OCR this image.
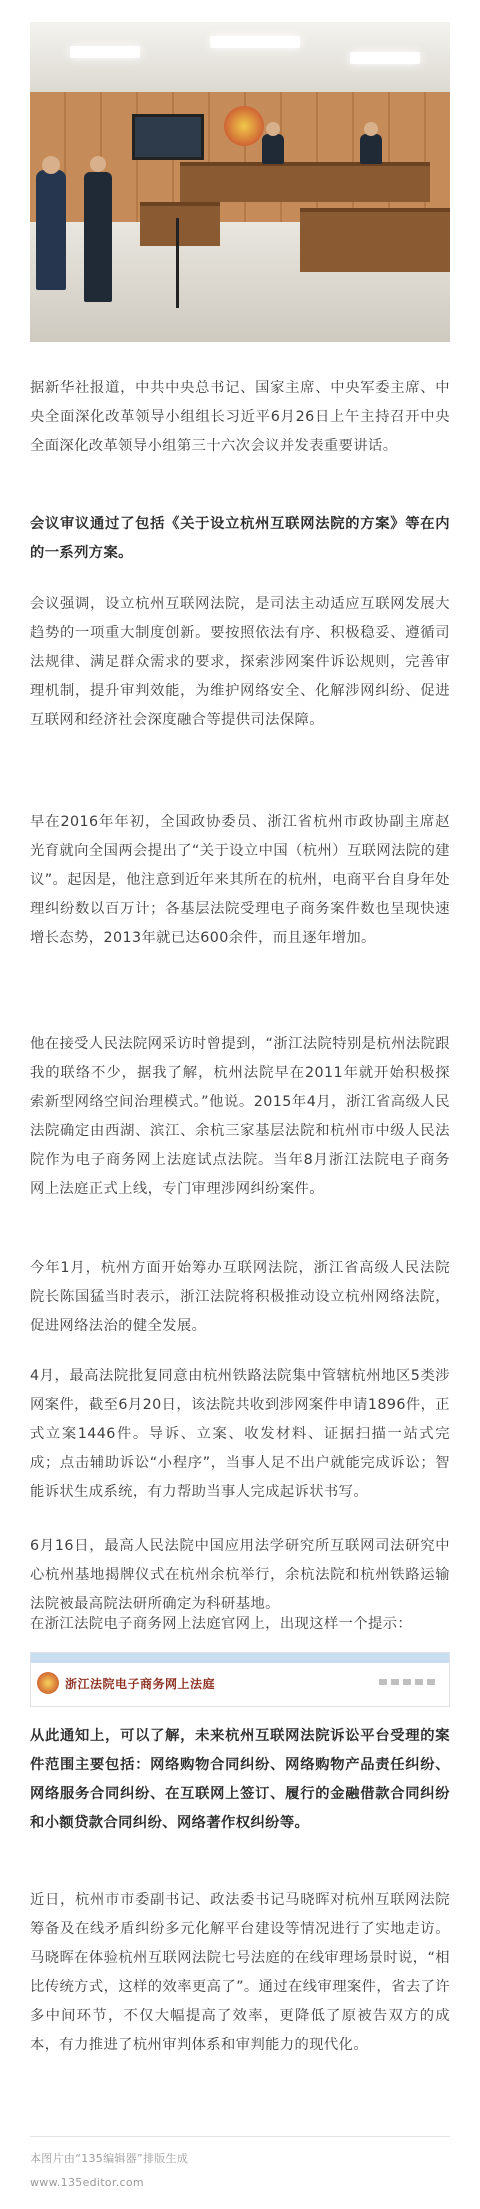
据新华社报道，中共中央总书记、国家主席、中央军委主席、中央全面深化改革领导小组组长习近平6月26日上午主持召开中央全面深化改革领导小组第三十六次会议并发表重要讲话。

会议审议通过了包括《关于设立杭州互联网法院的方案》等在内的一系列方案。

会议强调，设立杭州互联网法院，是司法主动适应互联网发展大趋势的一项重大制度创新。要按照依法有序、积极稳妥、遵循司法规律、满足群众需求的要求，探索涉网案件诉讼规则，完善审理机制，提升审判效能，为维护网络安全、化解涉网纠纷、促进互联网和经济社会深度融合等提供司法保障。

早在2016年年初，全国政协委员、浙江省杭州市政协副主席赵光育就向全国两会提出了“关于设立中国（杭州）互联网法院的建议”。起因是，他注意到近年来其所在的杭州，电商平台自身年处理纠纷数以百万计；各基层法院受理电子商务案件数也呈现快速增长态势，2013年就已达600余件，而且逐年增加。

他在接受人民法院网采访时曾提到，“浙江法院特别是杭州法院跟我的联络不少，据我了解，杭州法院早在2011年就开始积极探索新型网络空间治理模式。”他说。2015年4月，浙江省高级人民法院确定由西湖、滨江、余杭三家基层法院和杭州市中级人民法院作为电子商务网上法庭试点法院。当年8月浙江法院电子商务网上法庭正式上线，专门审理涉网纠纷案件。

今年1月，杭州方面开始筹办互联网法院，浙江省高级人民法院院长陈国猛当时表示，浙江法院将积极推动设立杭州网络法院，促进网络法治的健全发展。

4月，最高法院批复同意由杭州铁路法院集中管辖杭州地区5类涉网案件，截至6月20日，该法院共收到涉网案件申请1896件，正式立案1446件。导诉、立案、收发材料、证据扫描一站式完成；点击辅助诉讼“小程序”，当事人足不出户就能完成诉讼；智能诉状生成系统，有力帮助当事人完成起诉状书写。

6月16日，最高人民法院中国应用法学研究所互联网司法研究中心杭州基地揭牌仪式在杭州余杭举行，余杭法院和杭州铁路运输法院被最高院法研所确定为科研基地。

在浙江法院电子商务网上法庭官网上，出现这样一个提示：

浙江法院电子商务网上法庭

从此通知上，可以了解，未来杭州互联网法院诉讼平台受理的案件范围主要包括：网络购物合同纠纷、网络购物产品责任纠纷、网络服务合同纠纷、在互联网上签订、履行的金融借款合同纠纷和小额贷款合同纠纷、网络著作权纠纷等。

近日，杭州市市委副书记、政法委书记马晓晖对杭州互联网法院筹备及在线矛盾纠纷多元化解平台建设等情况进行了实地走访。马晓晖在体验杭州互联网法院七号法庭的在线审理场景时说，“相比传统方式，这样的效率更高了”。通过在线审理案件，省去了许多中间环节，不仅大幅提高了效率，更降低了原被告双方的成本，有力推进了杭州审判体系和审判能力的现代化。

本图片由“135编辑器”排版生成
www.135editor.com
